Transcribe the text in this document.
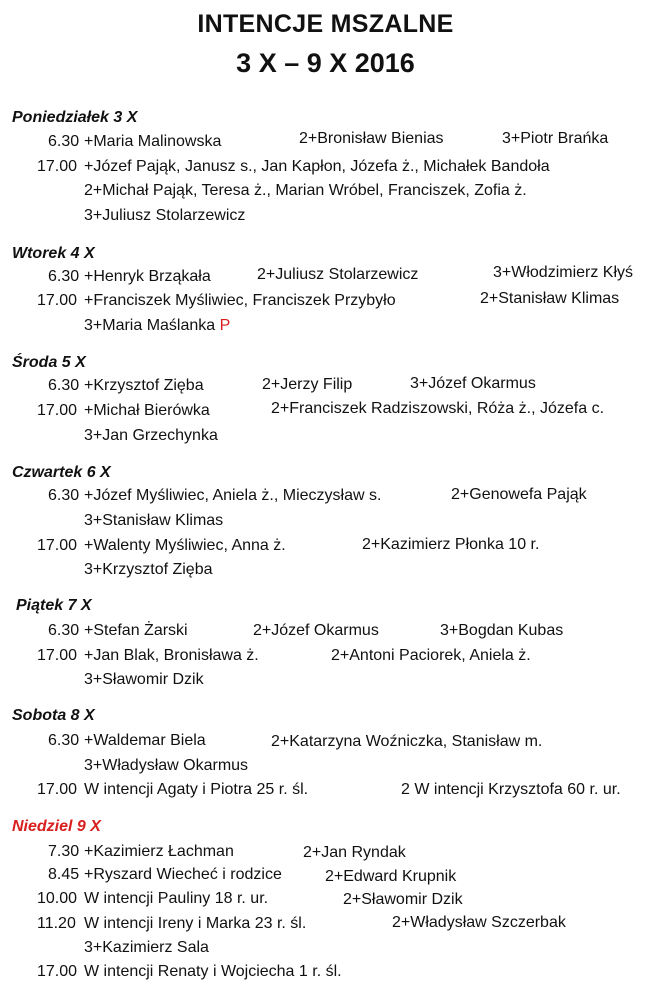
INTENCJE MSZALNE
3 X – 9 X 2016
Poniedziałek 3 X
6.30 +Maria Malinowska	2+Bronisław Bienias	3+Piotr Brańka
17.00 +Józef Pająk, Janusz s., Jan Kapłon, Józefa ż., Michałek Bandoła
2+Michał Pająk, Teresa ż., Marian Wróbel, Franciszek, Zofia ż.
3+Juliusz Stolarzewicz
Wtorek 4 X
6.30 +Henryk Brząkała	2+Juliusz Stolarzewicz	3+Włodzimierz Kłyś
17.00 +Franciszek Myśliwiec, Franciszek Przybyło	2+Stanisław Klimas
3+Maria Maślanka P
Środa 5 X
6.30 +Krzysztof Zięba	2+Jerzy Filip	3+Józef Okarmus
17.00 +Michał Bierówka	2+Franciszek Radziszowski, Róża ż., Józefa c.
3+Jan Grzechynka
Czwartek 6 X
6.30 +Józef Myśliwiec, Aniela ż., Mieczysław s.	2+Genowefa Pająk
3+Stanisław Klimas
17.00 +Walenty Myśliwiec, Anna ż.	2+Kazimierz Płonka 10 r.
3+Krzysztof Zięba
Piątek 7 X
6.30 +Stefan Żarski	2+Józef Okarmus	3+Bogdan Kubas
17.00 +Jan Blak, Bronisława ż.	2+Antoni Paciorek, Aniela ż.
3+Sławomir Dzik
Sobota 8 X
6.30 +Waldemar Biela	2+Katarzyna Woźniczka, Stanisław m.
3+Władysław Okarmus
17.00 W intencji Agaty i Piotra 25 r. śl.	2 W intencji Krzysztofa 60 r. ur.
Niedziel 9 X
7.30 +Kazimierz Łachman	2+Jan Ryndak
8.45 +Ryszard Wiecheć i rodzice	2+Edward Krupnik
10.00 W intencji Pauliny 18 r. ur.	2+Sławomir Dzik
11.20 W intencji Ireny i Marka 23 r. śl.	2+Władysław Szczerbak
3+Kazimierz Sala
17.00 W intencji Renaty i Wojciecha 1 r. śl.
